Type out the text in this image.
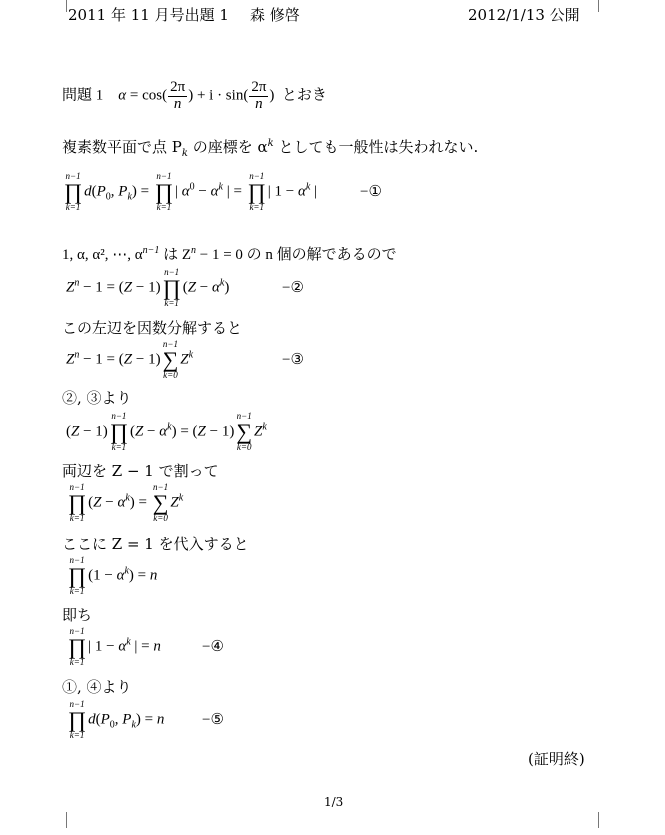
2011 年 11 月号出題 1 森 修啓	2012/1/13 公開
問題 1 $\alpha = \cos( \frac{2\pi}{n}$ ) + $i \cdot \sin( \frac{2\pi}{n}$ ) とおき
複素数平面で点 $P_k$ の座標を $\alpha^k$ としても一般性は失われない.
n−1
∏
k=1
$d(P_0$, $P_k$) =
n−1
∏
k=1
| $\alpha^0 - \alpha^k$ | =
n−1
∏
k=1
| $1 - \alpha^k$ |	−①
1, α, α², ⋯, $\alpha^{n-1}$ は $Z^n - 1 = 0$ の n 個の解であるので
$Z^n - 1 = (Z - 1)$
n−1
∏
k=1
$(Z - \alpha^k)$	−②
この左辺を因数分解すると
$Z^n - 1 = (Z - 1)$
n−1
∑
k=0
$Z^k$	−③
②, ③より
(Z − 1)
n−1
∏
k=1
$(Z - \alpha^k) = (Z - 1)$
n−1
∑
k=0
$Z^k$
両辺を Z − 1 で割って
n−1
∏
k=1
$(Z - \alpha^k)$ =
n−1
∑
k=0
$Z^k$
ここに Z = 1 を代入すると
n−1
∏
k=1
$(1 - \alpha^k) = n$
即ち
n−1
∏
k=1
| $1 - \alpha^k$ | = n	−④
①, ④より
n−1
∏
k=1
$d(P_0$, $P_k) = n$	−⑤
(証明終)
1/3
